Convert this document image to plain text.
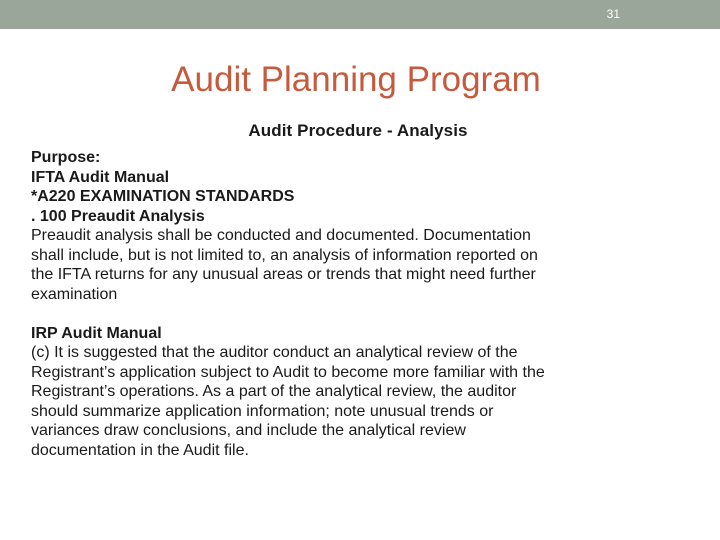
31
Audit Planning Program
Audit Procedure - Analysis
Purpose:
IFTA Audit Manual
*A220 EXAMINATION STANDARDS
. 100 Preaudit Analysis
Preaudit analysis shall be conducted and documented. Documentation
shall include, but is not limited to, an analysis of information reported on
the IFTA returns for any unusual areas or trends that might need further
examination
IRP Audit Manual
(c) It is suggested that the auditor conduct an analytical review of the
Registrant’s application subject to Audit to become more familiar with the
Registrant’s operations. As a part of the analytical review, the auditor
should summarize application information; note unusual trends or
variances draw conclusions, and include the analytical review
documentation in the Audit file.
